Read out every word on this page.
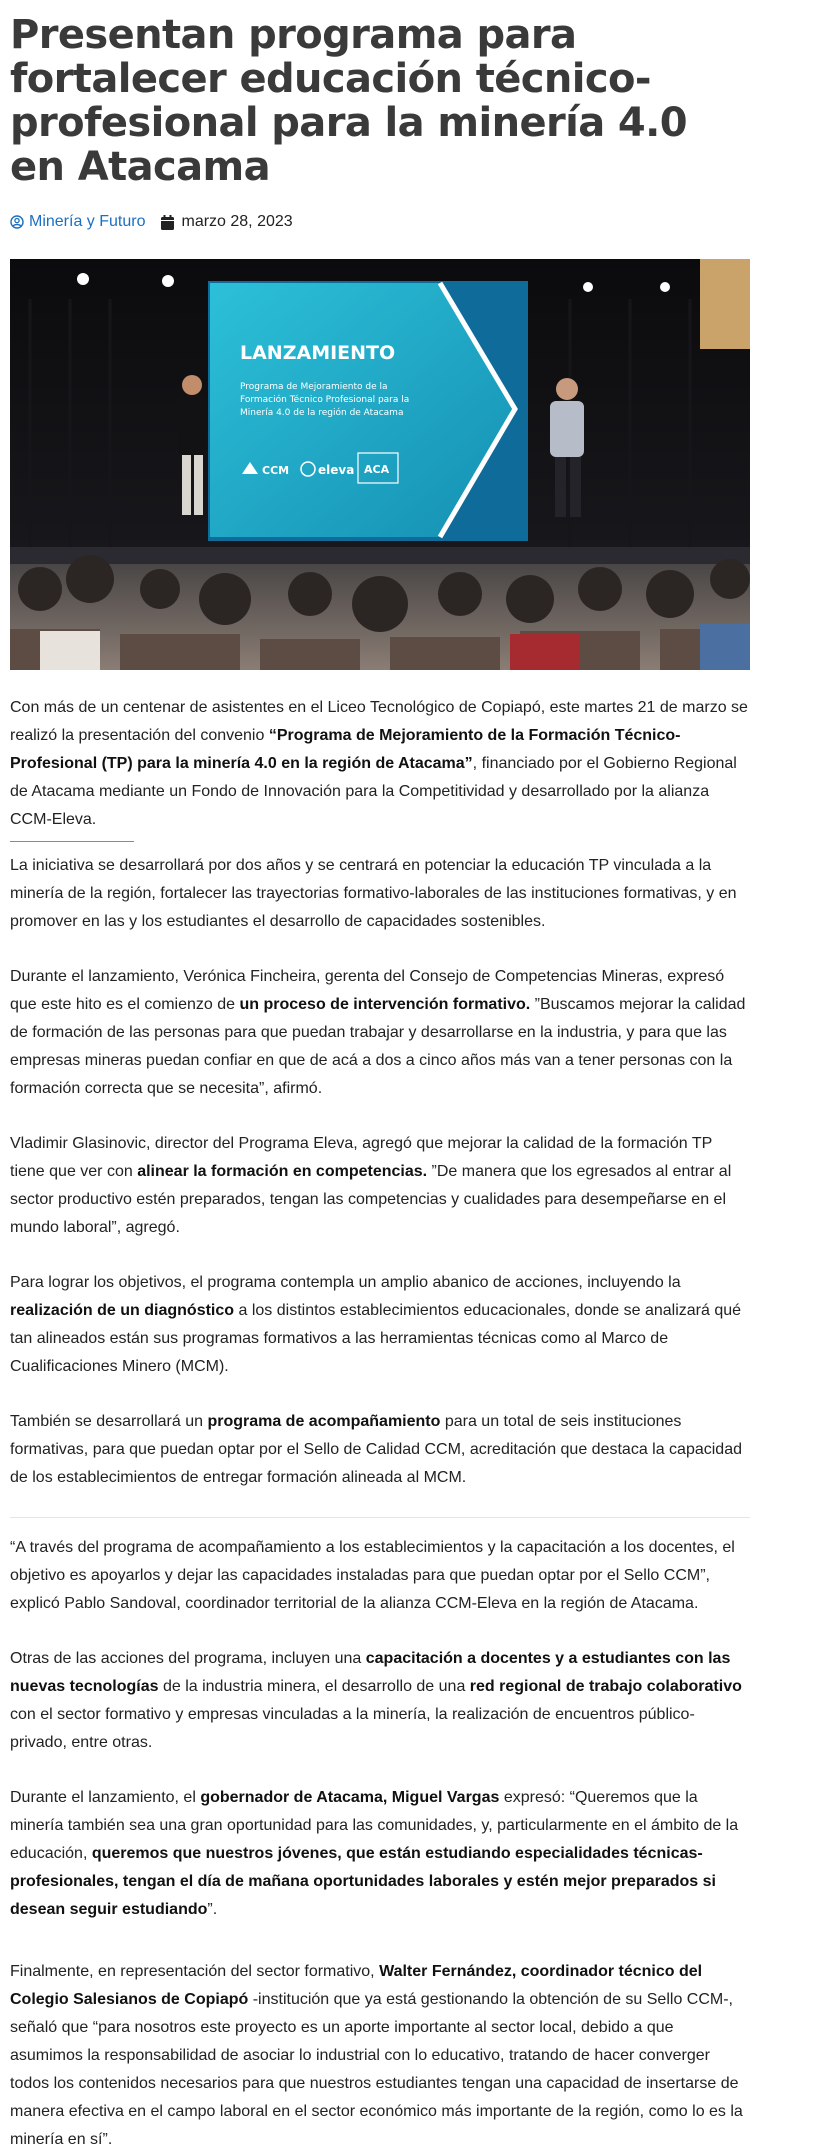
Presentan programa para fortalecer educación técnico-profesional para la minería 4.0 en Atacama
Minería y Futuro marzo 28, 2023
LANZAMIENTO
Programa de Mejoramiento de la
Formación Técnico Profesional para la
Minería 4.0 de la región de Atacama
CCM eleva ACA

Con más de un centenar de asistentes en el Liceo Tecnológico de Copiapó, este martes 21 de marzo se realizó la presentación del convenio “Programa de Mejoramiento de la Formación Técnico-Profesional (TP) para la minería 4.0 en la región de Atacama”, financiado por el Gobierno Regional de Atacama mediante un Fondo de Innovación para la Competitividad y desarrollado por la alianza CCM-Eleva.

La iniciativa se desarrollará por dos años y se centrará en potenciar la educación TP vinculada a la minería de la región, fortalecer las trayectorias formativo-laborales de las instituciones formativas, y en promover en las y los estudiantes el desarrollo de capacidades sostenibles.

Durante el lanzamiento, Verónica Fincheira, gerenta del Consejo de Competencias Mineras, expresó que este hito es el comienzo de un proceso de intervención formativo. ”Buscamos mejorar la calidad de formación de las personas para que puedan trabajar y desarrollarse en la industria, y para que las empresas mineras puedan confiar en que de acá a dos a cinco años más van a tener personas con la formación correcta que se necesita”, afirmó.

Vladimir Glasinovic, director del Programa Eleva, agregó que mejorar la calidad de la formación TP tiene que ver con alinear la formación en competencias. ”De manera que los egresados al entrar al sector productivo estén preparados, tengan las competencias y cualidades para desempeñarse en el mundo laboral”, agregó.

Para lograr los objetivos, el programa contempla un amplio abanico de acciones, incluyendo la realización de un diagnóstico a los distintos establecimientos educacionales, donde se analizará qué tan alineados están sus programas formativos a las herramientas técnicas como al Marco de Cualificaciones Minero (MCM).

También se desarrollará un programa de acompañamiento para un total de seis instituciones formativas, para que puedan optar por el Sello de Calidad CCM, acreditación que destaca la capacidad de los establecimientos de entregar formación alineada al MCM.

“A través del programa de acompañamiento a los establecimientos y la capacitación a los docentes, el objetivo es apoyarlos y dejar las capacidades instaladas para que puedan optar por el Sello CCM”, explicó Pablo Sandoval, coordinador territorial de la alianza CCM-Eleva en la región de Atacama.

Otras de las acciones del programa, incluyen una capacitación a docentes y a estudiantes con las nuevas tecnologías de la industria minera, el desarrollo de una red regional de trabajo colaborativo con el sector formativo y empresas vinculadas a la minería, la realización de encuentros público-privado, entre otras.

Durante el lanzamiento, el gobernador de Atacama, Miguel Vargas expresó: “Queremos que la minería también sea una gran oportunidad para las comunidades, y, particularmente en el ámbito de la educación, queremos que nuestros jóvenes, que están estudiando especialidades técnicas-profesionales, tengan el día de mañana oportunidades laborales y estén mejor preparados si desean seguir estudiando”.

Finalmente, en representación del sector formativo, Walter Fernández, coordinador técnico del Colegio Salesianos de Copiapó -institución que ya está gestionando la obtención de su Sello CCM-, señaló que “para nosotros este proyecto es un aporte importante al sector local, debido a que asumimos la responsabilidad de asociar lo industrial con lo educativo, tratando de hacer converger todos los contenidos necesarios para que nuestros estudiantes tengan una capacidad de insertarse de manera efectiva en el campo laboral en el sector económico más importante de la región, como lo es la minería en sí”.
